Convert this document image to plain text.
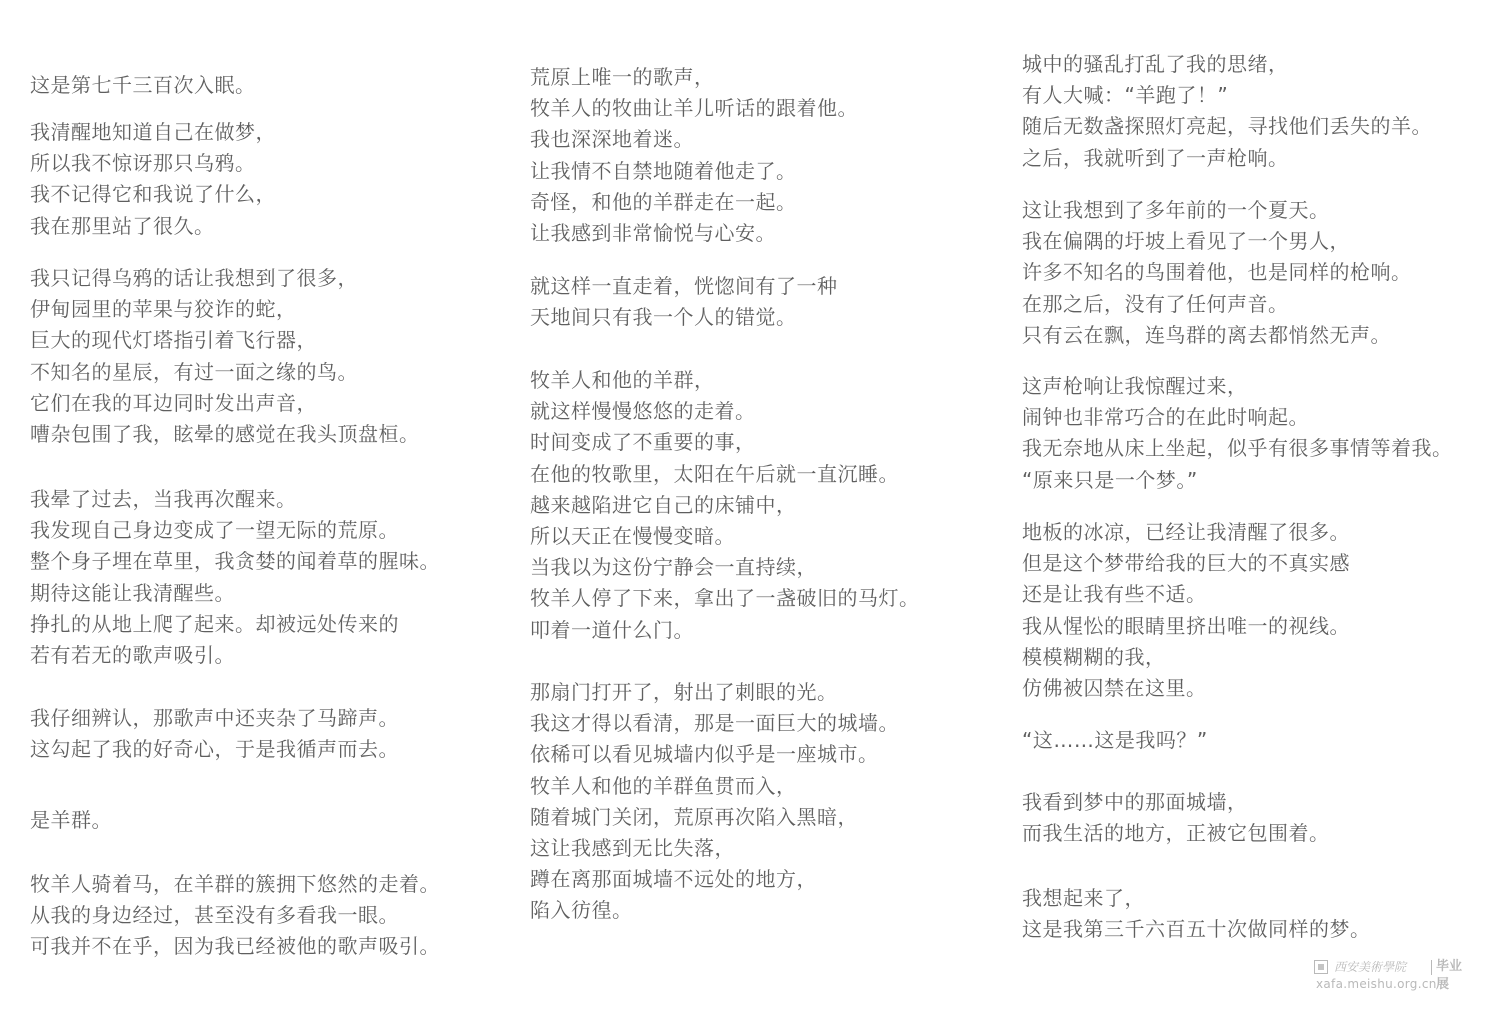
这是第七千三百次入眠。
我清醒地知道自己在做梦，
所以我不惊讶那只乌鸦。
我不记得它和我说了什么，
我在那里站了很久。
我只记得乌鸦的话让我想到了很多，
伊甸园里的苹果与狡诈的蛇，
巨大的现代灯塔指引着飞行器，
不知名的星辰，有过一面之缘的鸟。
它们在我的耳边同时发出声音，
嘈杂包围了我，眩晕的感觉在我头顶盘桓。
我晕了过去，当我再次醒来。
我发现自己身边变成了一望无际的荒原。
整个身子埋在草里，我贪婪的闻着草的腥味。
期待这能让我清醒些。
挣扎的从地上爬了起来。却被远处传来的
若有若无的歌声吸引。
我仔细辨认，那歌声中还夹杂了马蹄声。
这勾起了我的好奇心，于是我循声而去。
是羊群。
牧羊人骑着马，在羊群的簇拥下悠然的走着。
从我的身边经过，甚至没有多看我一眼。
可我并不在乎，因为我已经被他的歌声吸引。
荒原上唯一的歌声，
牧羊人的牧曲让羊儿听话的跟着他。
我也深深地着迷。
让我情不自禁地随着他走了。
奇怪，和他的羊群走在一起。
让我感到非常愉悦与心安。
就这样一直走着，恍惚间有了一种
天地间只有我一个人的错觉。
牧羊人和他的羊群，
就这样慢慢悠悠的走着。
时间变成了不重要的事，
在他的牧歌里，太阳在午后就一直沉睡。
越来越陷进它自己的床铺中，
所以天正在慢慢变暗。
当我以为这份宁静会一直持续，
牧羊人停了下来，拿出了一盏破旧的马灯。
叩着一道什么门。
那扇门打开了，射出了刺眼的光。
我这才得以看清，那是一面巨大的城墙。
依稀可以看见城墙内似乎是一座城市。
牧羊人和他的羊群鱼贯而入，
随着城门关闭，荒原再次陷入黑暗，
这让我感到无比失落，
蹲在离那面城墙不远处的地方，
陷入彷徨。
城中的骚乱打乱了我的思绪，
有人大喊：“羊跑了！”
随后无数盏探照灯亮起，寻找他们丢失的羊。
之后，我就听到了一声枪响。
这让我想到了多年前的一个夏天。
我在偏隅的圩坡上看见了一个男人，
许多不知名的鸟围着他，也是同样的枪响。
在那之后，没有了任何声音。
只有云在飘，连鸟群的离去都悄然无声。
这声枪响让我惊醒过来，
闹钟也非常巧合的在此时响起。
我无奈地从床上坐起，似乎有很多事情等着我。
“原来只是一个梦。”
地板的冰凉，已经让我清醒了很多。
但是这个梦带给我的巨大的不真实感
还是让我有些不适。
我从惺忪的眼睛里挤出唯一的视线。
模模糊糊的我，
仿佛被囚禁在这里。
“这……这是我吗？”
我看到梦中的那面城墙，
而我生活的地方，正被它包围着。
我想起来了，
这是我第三千六百五十次做同样的梦。
西安美術學院 毕业展
xafa.meishu.org.cn
